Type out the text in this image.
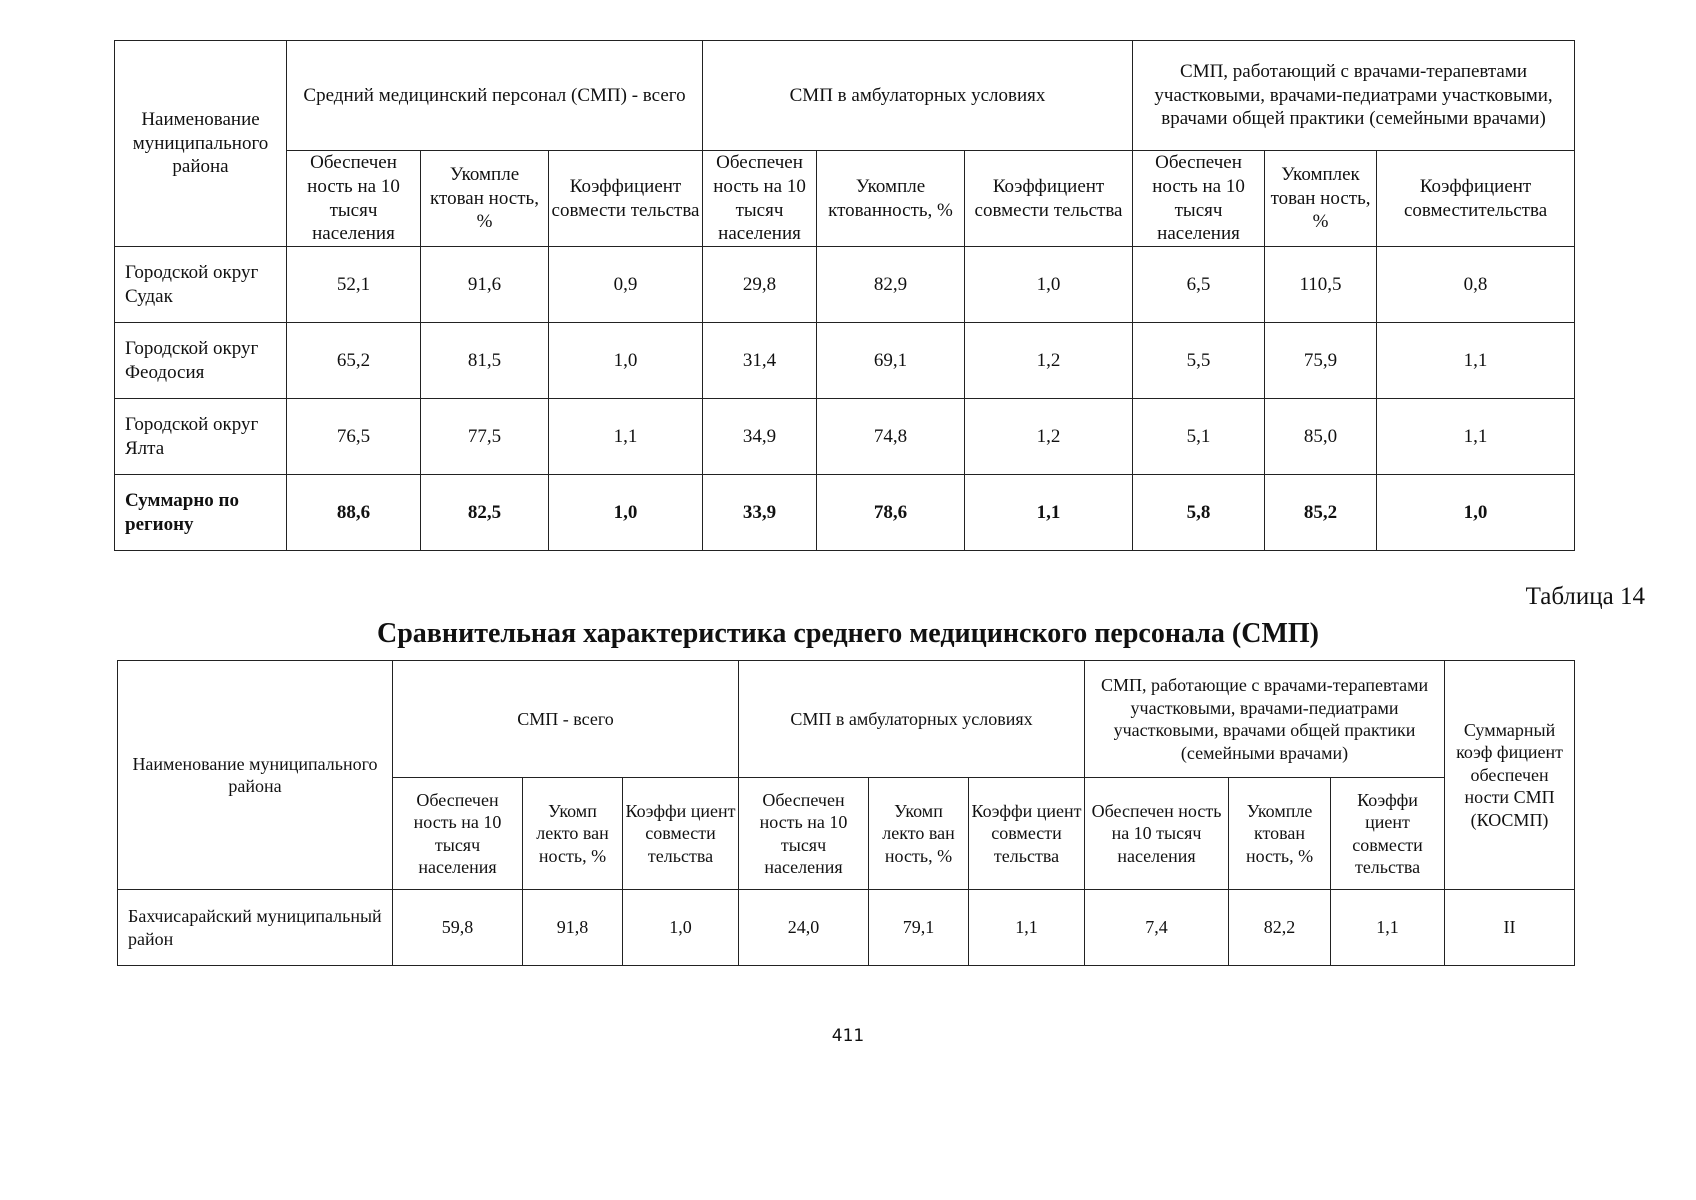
Наименование муниципального района	Средний медицинский персонал (СМП) - всего			СМП в амбулаторных условиях			СМП, работающий с врачами-терапевтами участковыми, врачами-педиатрами участковыми, врачами общей практики (семейными врачами)		
	Обеспечен ность на 10 тысяч населения	Укомпле ктован ность, %	Коэффициент совмести тельства	Обеспечен ность на 10 тысяч населения	Укомпле ктованность, %	Коэффициент совмести тельства	Обеспечен ность на 10 тысяч населения	Укомплек тован ность, %	Коэффициент совместительства
Городской округ Судак	52,1	91,6	0,9	29,8	82,9	1,0	6,5	110,5	0,8
Городской округ Феодосия	65,2	81,5	1,0	31,4	69,1	1,2	5,5	75,9	1,1
Городской округ Ялта	76,5	77,5	1,1	34,9	74,8	1,2	5,1	85,0	1,1
Суммарно по региону	88,6	82,5	1,0	33,9	78,6	1,1	5,8	85,2	1,0
Таблица 14
Сравнительная характеристика среднего медицинского персонала (СМП)
Наименование муниципального района	СМП - всего			СМП в амбулаторных условиях			СМП, работающие с врачами-терапевтами участковыми, врачами-педиатрами участковыми, врачами общей практики (семейными врачами)			Суммарный коэф фициент обеспечен ности СМП (КОСМП)
	Обеспечен ность на 10 тысяч населения	Укомп лекто ван ность, %	Коэффи циент совмести тельства	Обеспечен ность на 10 тысяч населения	Укомп лекто ван ность, %	Коэффи циент совмести тельства	Обеспечен ность на 10 тысяч населения	Укомпле ктован ность, %	Коэффи циент совмести тельства	
Бахчисарайский муниципальный район	59,8	91,8	1,0	24,0	79,1	1,1	7,4	82,2	1,1	II
411
